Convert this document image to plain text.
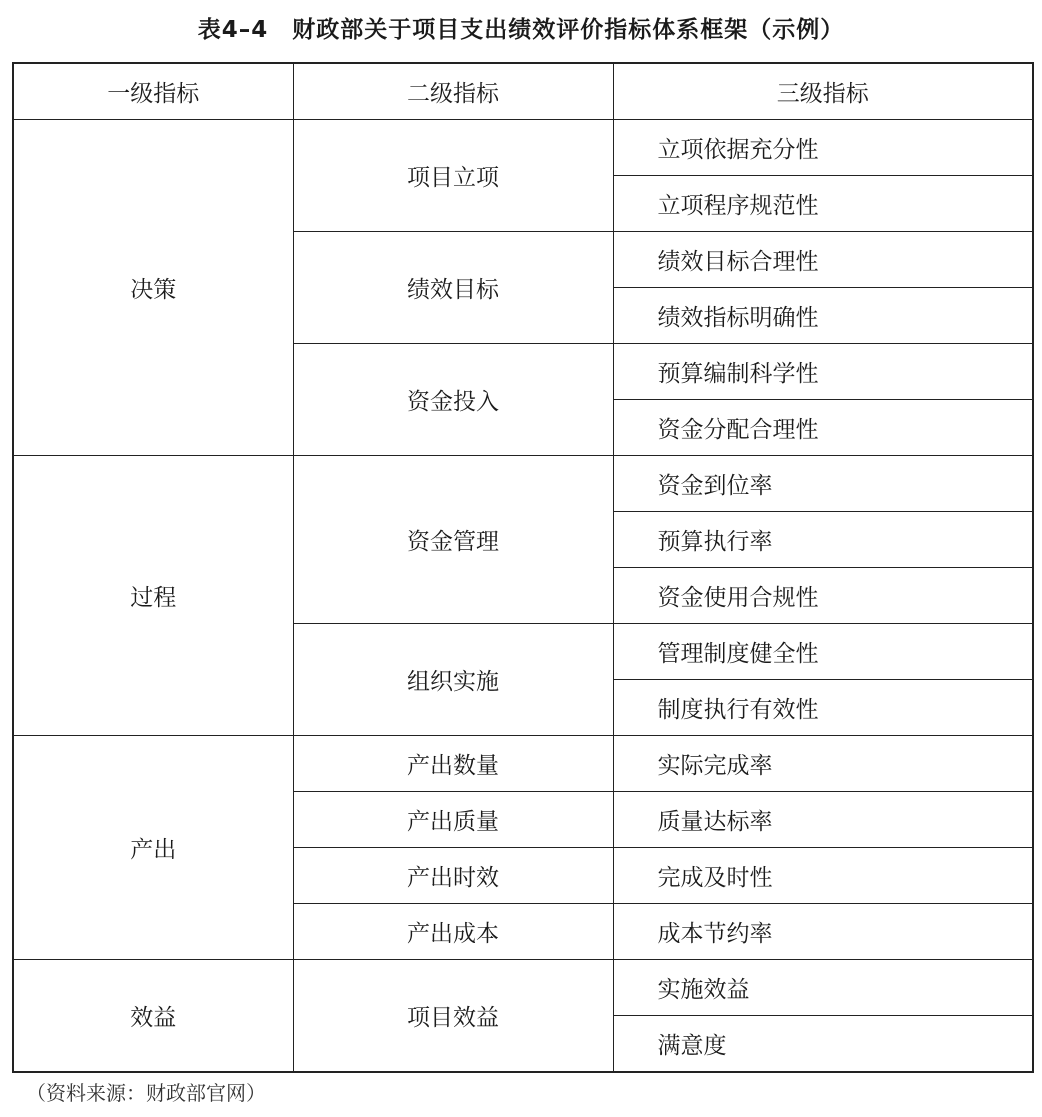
表4–4　财政部关于项目支出绩效评价指标体系框架（示例）
一级指标	二级指标	三级指标
决策	项目立项	立项依据充分性
		立项程序规范性
	绩效目标	绩效目标合理性
		绩效指标明确性
	资金投入	预算编制科学性
		资金分配合理性
过程	资金管理	资金到位率
		预算执行率
		资金使用合规性
	组织实施	管理制度健全性
		制度执行有效性
产出	产出数量	实际完成率
	产出质量	质量达标率
	产出时效	完成及时性
	产出成本	成本节约率
效益	项目效益	实施效益
		满意度
（资料来源：财政部官网）
